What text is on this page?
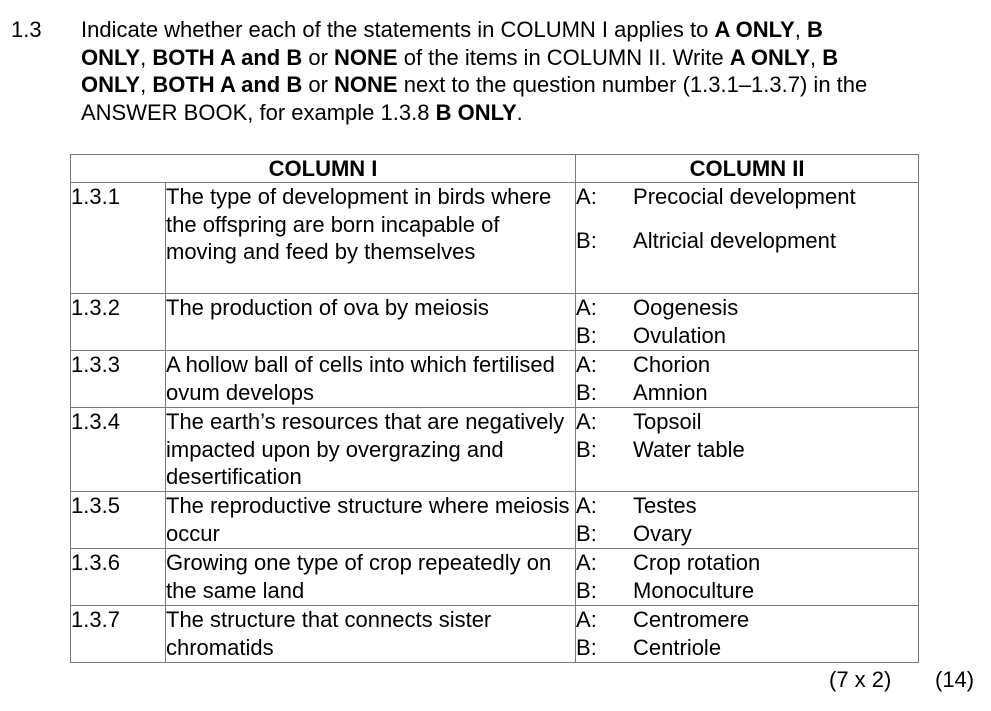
1.3 Indicate whether each of the statements in COLUMN I applies to A ONLY, B ONLY, BOTH A and B or NONE of the items in COLUMN II. Write A ONLY, B ONLY, BOTH A and B or NONE next to the question number (1.3.1–1.3.7) in the ANSWER BOOK, for example 1.3.8 B ONLY.
COLUMN I		COLUMN II
1.3.1	The type of development in birds where the offspring are born incapable of moving and feed by themselves	A: Precocial development
B: Altricial development

1.3.2	The production of ova by meiosis	A: Oogenesis
B: Ovulation

1.3.3	A hollow ball of cells into which fertilised ovum develops	A: Chorion
B: Amnion

1.3.4	The earth’s resources that are negatively impacted upon by overgrazing and desertification	A: Topsoil
B: Water table

1.3.5	The reproductive structure where meiosis occur	A: Testes
B: Ovary

1.3.6	Growing one type of crop repeatedly on the same land	A: Crop rotation
B: Monoculture

1.3.7	The structure that connects sister chromatids	A: Centromere
B: Centriole
(7 x 2) (14)
